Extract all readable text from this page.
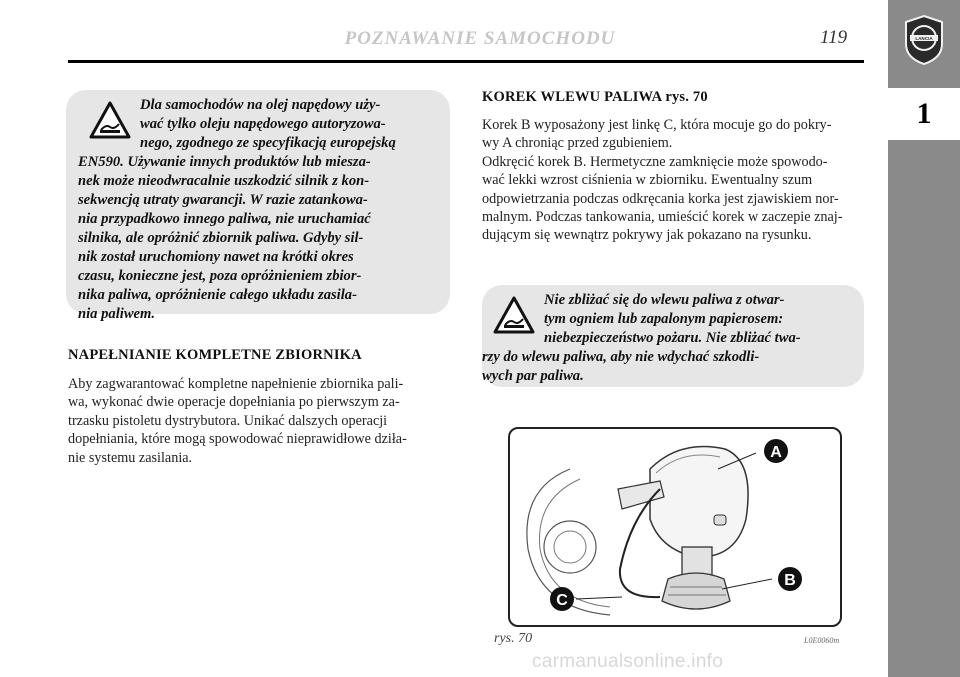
POZNAWANIE SAMOCHODU	119	LANCIA
1
Dla samochodów na olej napędowy uży-
wać tylko oleju napędowego autoryzowa-
nego, zgodnego ze specyfikacją europejską
EN590. Używanie innych produktów lub miesza-
nek może nieodwracalnie uszkodzić silnik z kon-
sekwencją utraty gwarancji. W razie zatankowa-
nia przypadkowo innego paliwa, nie uruchamiać
silnika, ale opróżnić zbiornik paliwa. Gdyby sil-
nik został uruchomiony nawet na krótki okres
czasu, konieczne jest, poza opróżnieniem zbior-
nika paliwa, opróżnienie całego układu zasila-
nia paliwem.
NAPEŁNIANIE KOMPLETNE ZBIORNIKA
Aby zagwarantować kompletne napełnienie zbiornika pali-
wa, wykonać dwie operacje dopełniania po pierwszym za-
trzasku pistoletu dystrybutora. Unikać dalszych operacji
dopełniania, które mogą spowodować nieprawidłowe dziła-
nie systemu zasilania.
KOREK WLEWU PALIWA rys. 70
Korek B wyposażony jest linkę C, która mocuje go do pokry-
wy A chroniąc przed zgubieniem.
Odkręcić korek B. Hermetyczne zamknięcie może spowodo-
wać lekki wzrost ciśnienia w zbiorniku. Ewentualny szum
odpowietrzania podczas odkręcania korka jest zjawiskiem nor-
malnym. Podczas tankowania, umieścić korek w zaczepie znaj-
dującym się wewnątrz pokrywy jak pokazano na rysunku.
Nie zbliżać się do wlewu paliwa z otwar-
tym ogniem lub zapalonym papierosem:
niebezpieczeństwo pożaru. Nie zbliżać twa-
rzy do wlewu paliwa, aby nie wdychać szkodli-
wych par paliwa.
A
B
C
rys. 70	L0E0060m
carmanualsonline.info
